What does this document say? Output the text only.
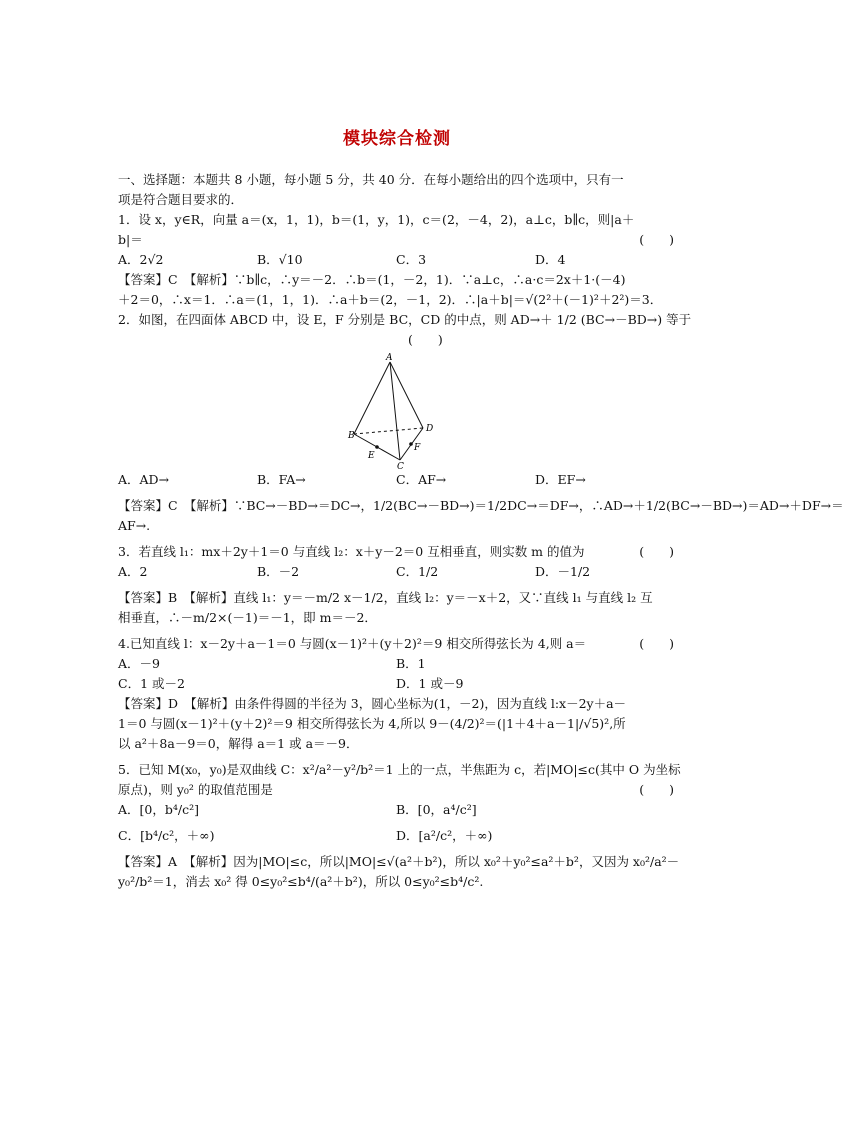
模块综合检测
一、选择题：本题共 8 小题，每小题 5 分，共 40 分．在每小题给出的四个选项中，只有一
项是符合题目要求的．
1．设 x，y∈R，向量 a＝(x，1，1)，b＝(1，y，1)，c＝(2，－4，2)，a⊥c，b∥c，则|a＋
b|＝	(　　)
A．2√2	B．√10	C．3	D．4
【答案】C　【解析】∵b∥c，∴y＝－2．∴b＝(1，－2，1)．∵a⊥c，∴a·c＝2x＋1·(－4)
＋2＝0，∴x＝1．∴a＝(1，1，1)．∴a＋b＝(2，－1，2)．∴|a＋b|＝√(2²＋(－1)²＋2²)＝3．
2．如图，在四面体 ABCD 中，设 E，F 分别是 BC，CD 的中点，则 AD→＋ 1/2 (BC→－BD→) 等于
(　　)
A
B
C
D
E
F
A．AD→	B．FA→	C．AF→	D．EF→
【答案】C　【解析】∵BC→－BD→＝DC→，1/2(BC→－BD→)＝1/2DC→＝DF→，∴AD→＋1/2(BC→－BD→)＝AD→＋DF→＝
AF→.
3．若直线 l₁：mx＋2y＋1＝0 与直线 l₂：x＋y－2＝0 互相垂直，则实数 m 的值为	(　　)
A．2	B．－2	C．1/2	D．－1/2
【答案】B　【解析】直线 l₁：y＝－m/2 x－1/2，直线 l₂：y＝－x＋2，又∵直线 l₁ 与直线 l₂ 互
相垂直，∴－m/2×(－1)＝－1，即 m＝－2．
4.已知直线 l：x－2y＋a－1＝0 与圆(x－1)²＋(y＋2)²＝9 相交所得弦长为 4,则 a＝	(　　)
A．－9	B．1
C．1 或－2	D．1 或－9
【答案】D　【解析】由条件得圆的半径为 3，圆心坐标为(1，－2)，因为直线 l:x－2y＋a－
1＝0 与圆(x－1)²＋(y＋2)²＝9 相交所得弦长为 4,所以 9－(4/2)²＝(|1＋4＋a－1|/√5)²,所
以 a²＋8a－9＝0，解得 a＝1 或 a＝－9．
5．已知 M(x₀，y₀)是双曲线 C：x²/a²－y²/b²＝1 上的一点，半焦距为 c，若|MO|≤c(其中 O 为坐标
原点)，则 y₀² 的取值范围是	(　　)
A．[0，b⁴/c²]	B．[0，a⁴/c²]
C．[b⁴/c²，＋∞)	D．[a²/c²，＋∞)
【答案】A　【解析】因为|MO|≤c，所以|MO|≤√(a²＋b²)，所以 x₀²＋y₀²≤a²＋b²，又因为 x₀²/a²－
y₀²/b²＝1，消去 x₀² 得 0≤y₀²≤b⁴/(a²＋b²)，所以 0≤y₀²≤b⁴/c².
